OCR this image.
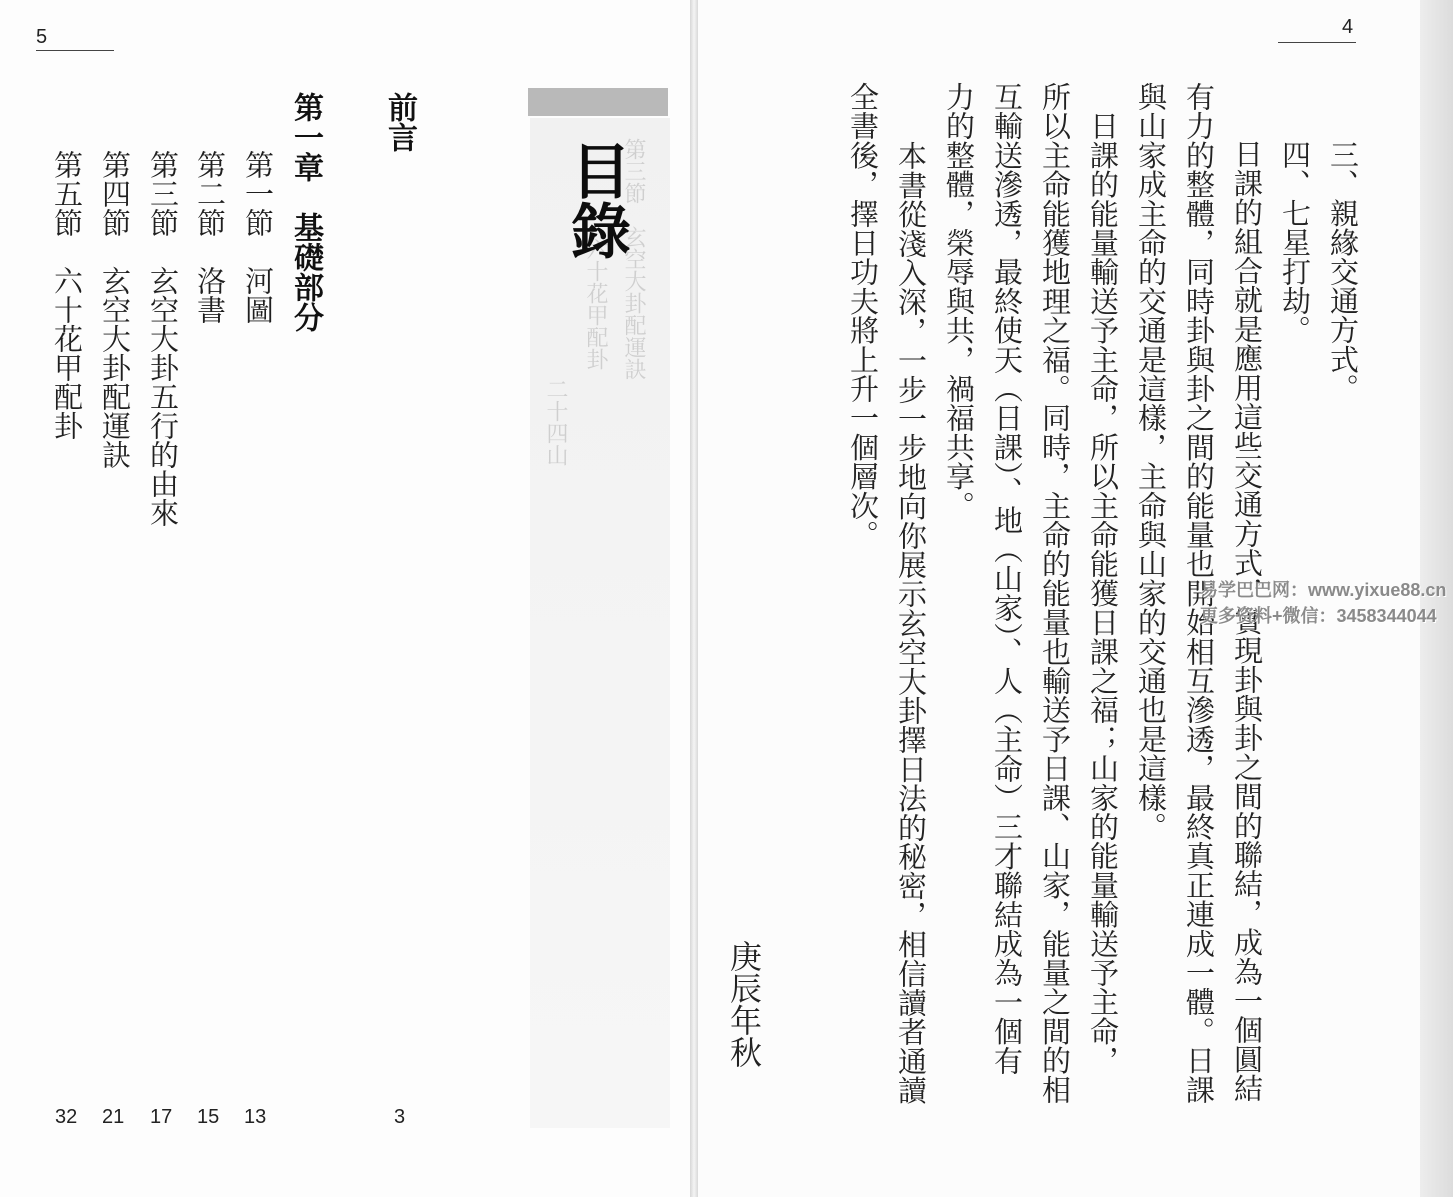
5
第三節　玄空大卦配運訣
六十花甲配卦
二十四山
目錄
前言
3
第一章　基礎部分
第一節　河圖
13
第二節　洛書
15
第三節　玄空大卦五行的由來
17
第四節　玄空大卦配運訣
21
第五節　六十花甲配卦
32
4
三、親緣交通方式。
四、七星打劫。
　日課的組合就是應用這些交通方式，實現卦與卦之間的聯結，成為一個圓結
有力的整體，同時卦與卦之間的能量也開始相互滲透，最終真正連成一體。日課
與山家成主命的交通是這樣，主命與山家的交通也是這樣。
　日課的能量輸送予主命，所以主命能獲日課之福；山家的能量輸送予主命，
所以主命能獲地理之福。同時，主命的能量也輸送予日課、山家，能量之間的相
互輸送滲透，最終使天（日課）、地（山家）、人（主命）三才聯結成為一個有
力的整體，榮辱與共，禍福共享。
　本書從淺入深，一步一步地向你展示玄空大卦擇日法的秘密，相信讀者通讀
全書後，擇日功夫將上升一個層次。
庚辰年秋
易学巴巴网：www.yixue88.cn
更多资料+微信：3458344044
